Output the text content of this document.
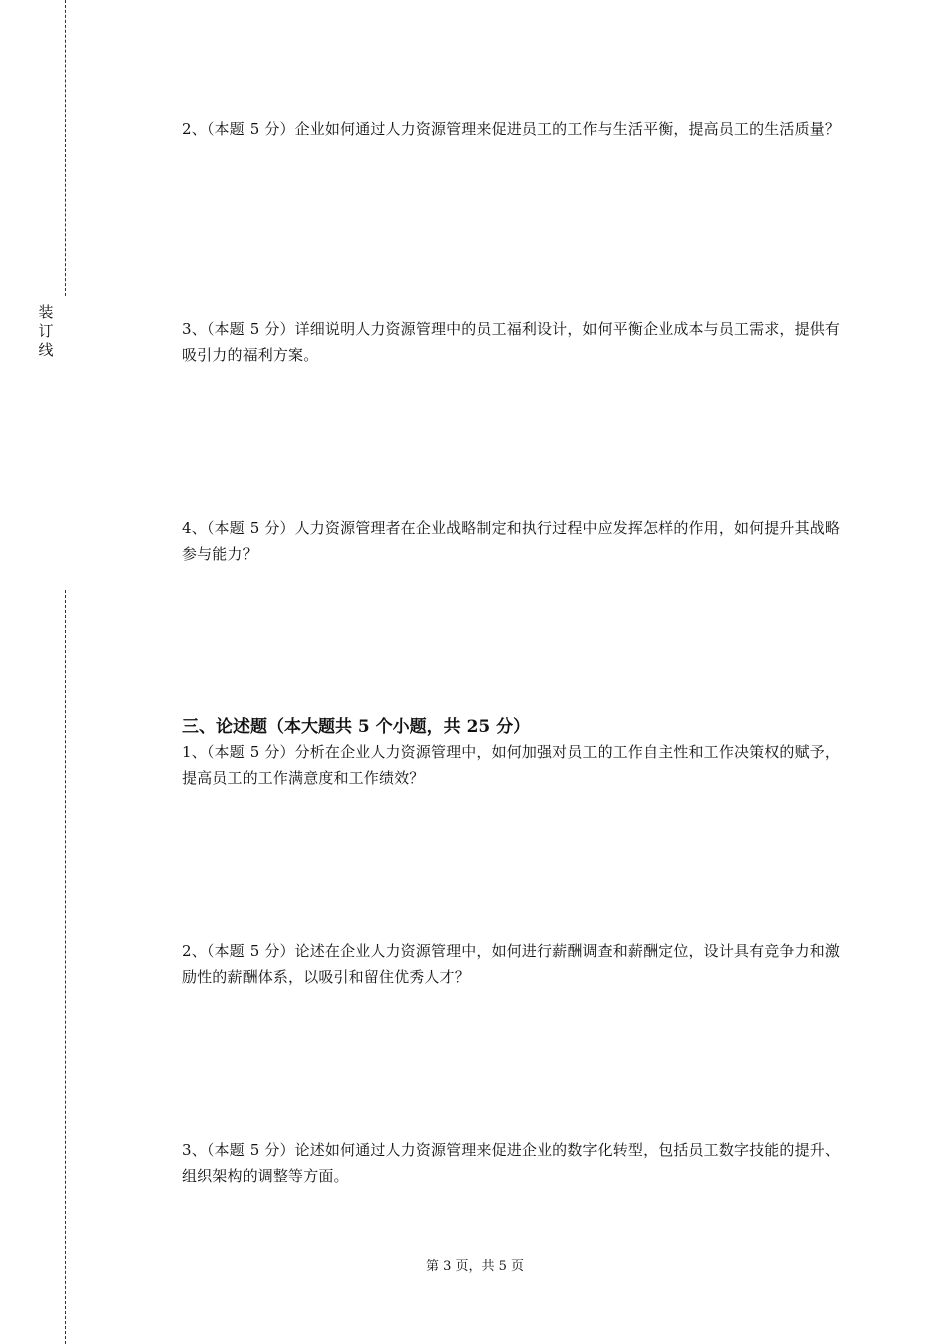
装
订
线
2、（本题 5 分）企业如何通过人力资源管理来促进员工的工作与生活平衡，提高员工的生活质量？
3、（本题 5 分）详细说明人力资源管理中的员工福利设计，如何平衡企业成本与员工需求，提供有吸引力的福利方案。
4、（本题 5 分）人力资源管理者在企业战略制定和执行过程中应发挥怎样的作用，如何提升其战略参与能力？
三、论述题（本大题共 5 个小题，共 25 分）
1、（本题 5 分）分析在企业人力资源管理中，如何加强对员工的工作自主性和工作决策权的赋予，提高员工的工作满意度和工作绩效？
2、（本题 5 分）论述在企业人力资源管理中，如何进行薪酬调查和薪酬定位，设计具有竞争力和激励性的薪酬体系，以吸引和留住优秀人才？
3、（本题 5 分）论述如何通过人力资源管理来促进企业的数字化转型，包括员工数字技能的提升、组织架构的调整等方面。
第 3 页，共 5 页
